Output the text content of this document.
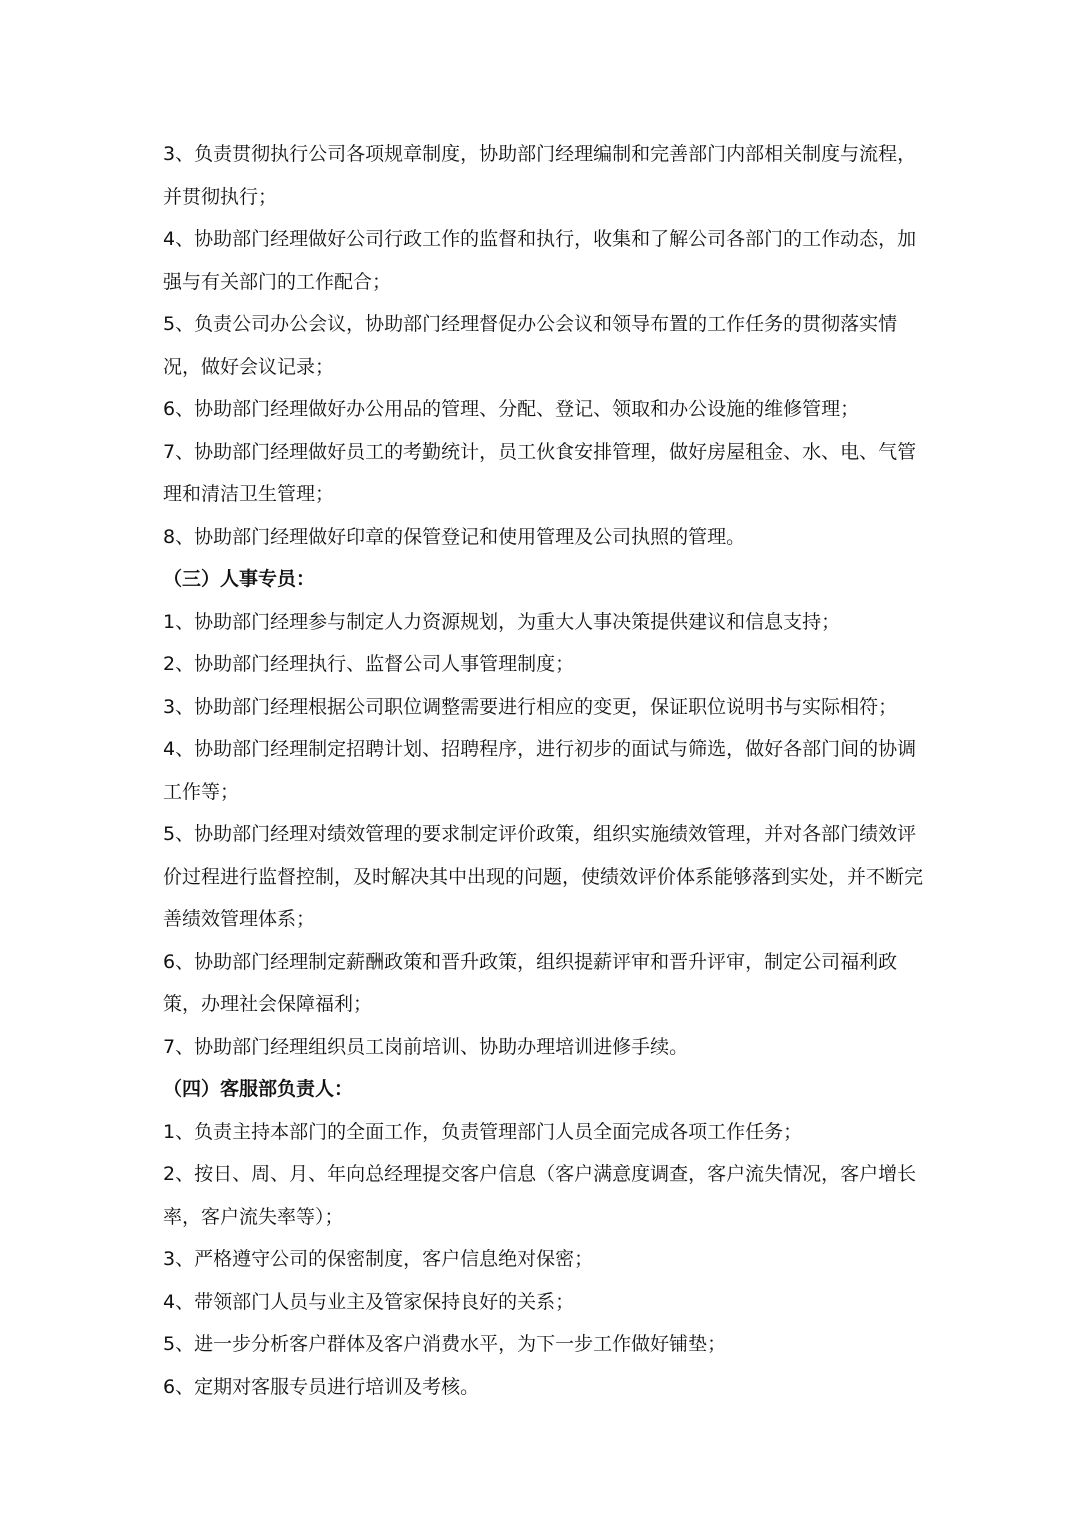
3、负责贯彻执行公司各项规章制度，协助部门经理编制和完善部门内部相关制度与流程，并贯彻执行；

4、协助部门经理做好公司行政工作的监督和执行，收集和了解公司各部门的工作动态，加强与有关部门的工作配合；

5、负责公司办公会议，协助部门经理督促办公会议和领导布置的工作任务的贯彻落实情况，做好会议记录；

6、协助部门经理做好办公用品的管理、分配、登记、领取和办公设施的维修管理；

7、协助部门经理做好员工的考勤统计，员工伙食安排管理，做好房屋租金、水、电、气管理和清洁卫生管理；

8、协助部门经理做好印章的保管登记和使用管理及公司执照的管理。

（三）人事专员：

1、协助部门经理参与制定人力资源规划，为重大人事决策提供建议和信息支持；

2、协助部门经理执行、监督公司人事管理制度；

3、协助部门经理根据公司职位调整需要进行相应的变更，保证职位说明书与实际相符；

4、协助部门经理制定招聘计划、招聘程序，进行初步的面试与筛选，做好各部门间的协调工作等；

5、协助部门经理对绩效管理的要求制定评价政策，组织实施绩效管理，并对各部门绩效评价过程进行监督控制，及时解决其中出现的问题，使绩效评价体系能够落到实处，并不断完善绩效管理体系；

6、协助部门经理制定薪酬政策和晋升政策，组织提薪评审和晋升评审，制定公司福利政策，办理社会保障福利；

7、协助部门经理组织员工岗前培训、协助办理培训进修手续。

（四）客服部负责人：

1、负责主持本部门的全面工作，负责管理部门人员全面完成各项工作任务；

2、按日、周、月、年向总经理提交客户信息（客户满意度调查，客户流失情况，客户增长率，客户流失率等）；

3、严格遵守公司的保密制度，客户信息绝对保密；

4、带领部门人员与业主及管家保持良好的关系；

5、进一步分析客户群体及客户消费水平，为下一步工作做好铺垫；

6、定期对客服专员进行培训及考核。
